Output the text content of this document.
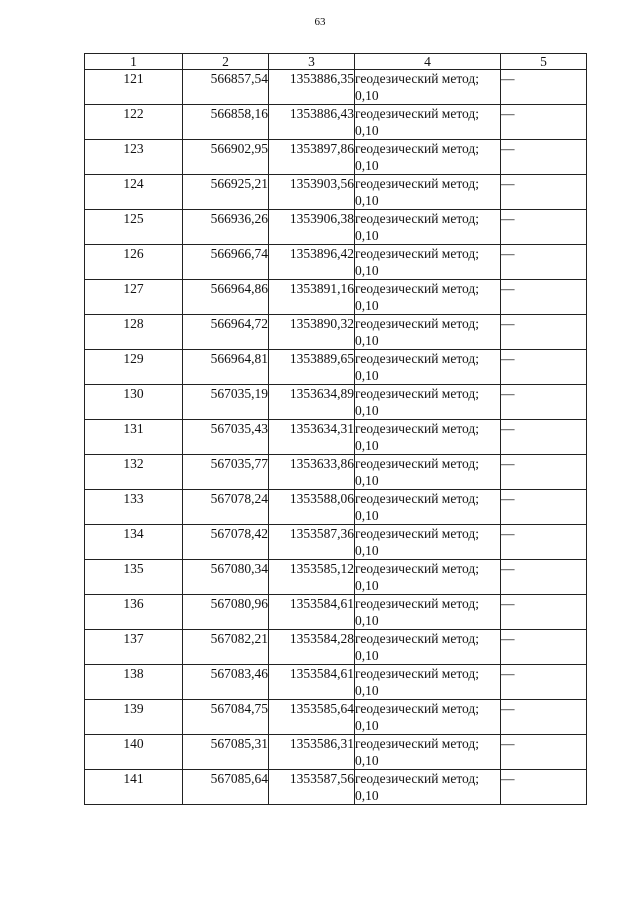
63
1	2	3	4	5
121	566857,54	1353886,35	геодезический метод; 0,10	—
122	566858,16	1353886,43	геодезический метод; 0,10	—
123	566902,95	1353897,86	геодезический метод; 0,10	—
124	566925,21	1353903,56	геодезический метод; 0,10	—
125	566936,26	1353906,38	геодезический метод; 0,10	—
126	566966,74	1353896,42	геодезический метод; 0,10	—
127	566964,86	1353891,16	геодезический метод; 0,10	—
128	566964,72	1353890,32	геодезический метод; 0,10	—
129	566964,81	1353889,65	геодезический метод; 0,10	—
130	567035,19	1353634,89	геодезический метод; 0,10	—
131	567035,43	1353634,31	геодезический метод; 0,10	—
132	567035,77	1353633,86	геодезический метод; 0,10	—
133	567078,24	1353588,06	геодезический метод; 0,10	—
134	567078,42	1353587,36	геодезический метод; 0,10	—
135	567080,34	1353585,12	геодезический метод; 0,10	—
136	567080,96	1353584,61	геодезический метод; 0,10	—
137	567082,21	1353584,28	геодезический метод; 0,10	—
138	567083,46	1353584,61	геодезический метод; 0,10	—
139	567084,75	1353585,64	геодезический метод; 0,10	—
140	567085,31	1353586,31	геодезический метод; 0,10	—
141	567085,64	1353587,56	геодезический метод; 0,10	—
